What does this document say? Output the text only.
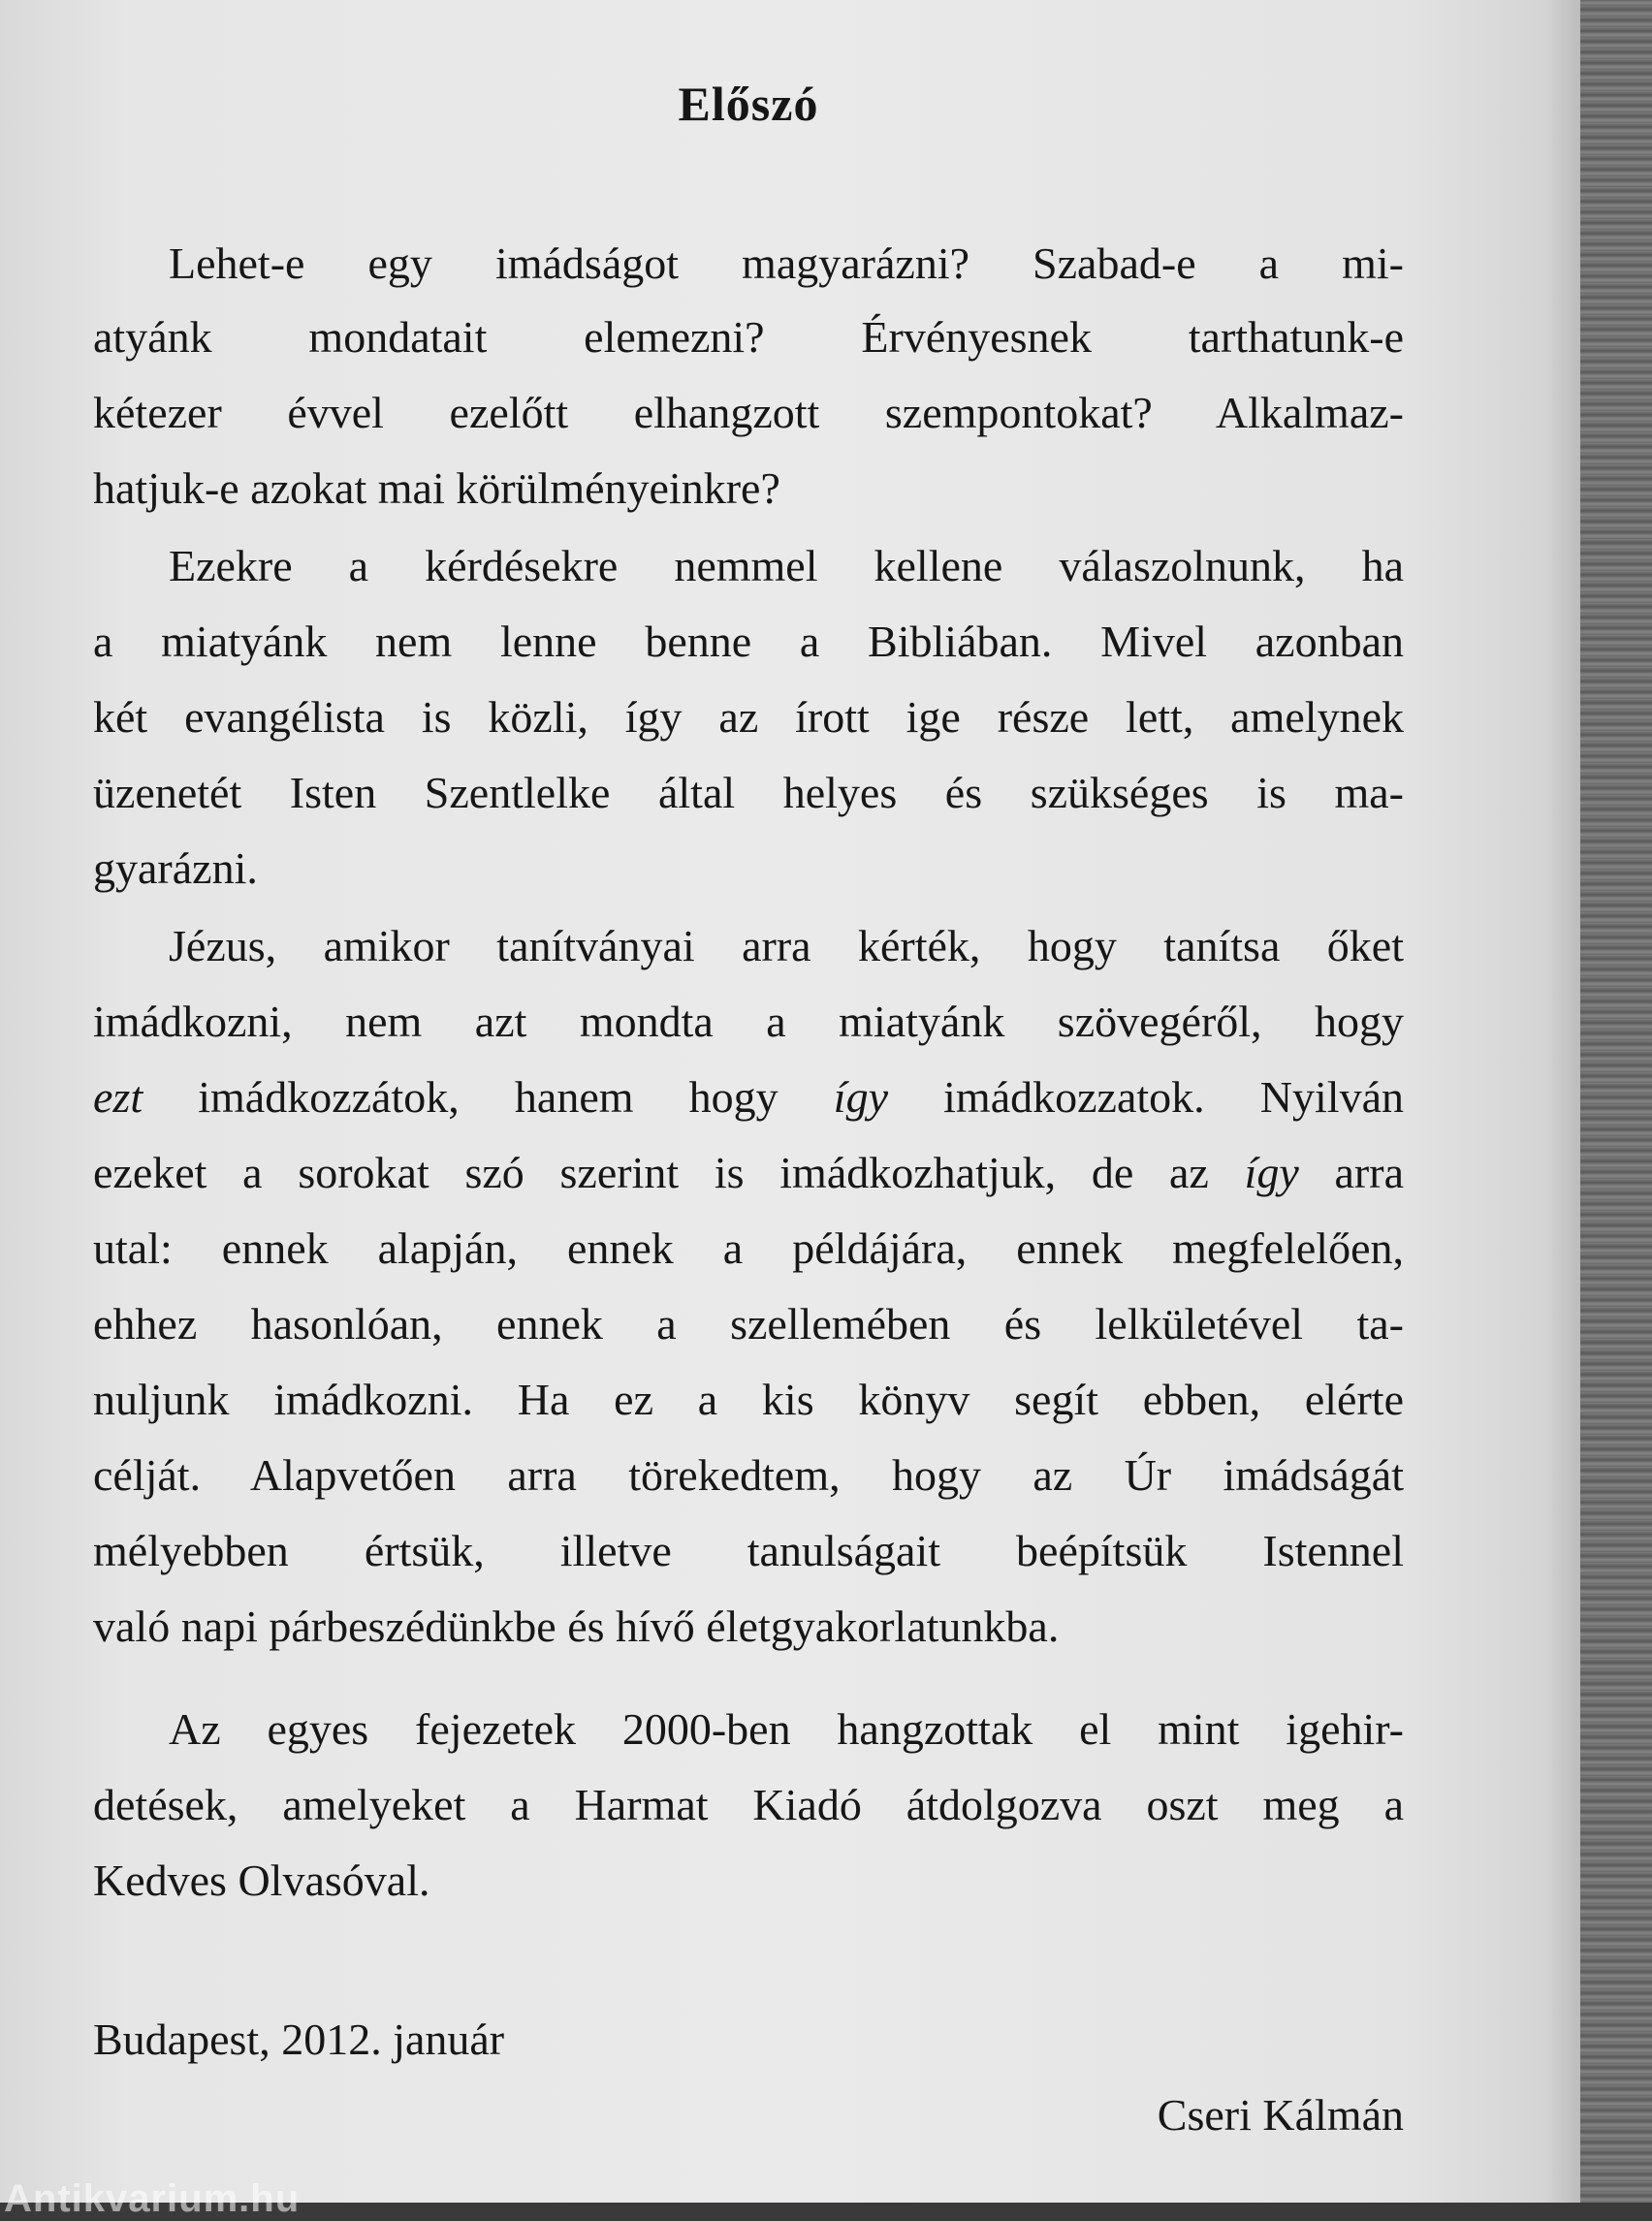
Előszó

Lehet-e egy imádságot magyarázni? Szabad-e a mi-

atyánk mondatait elemezni? Érvényesnek tarthatunk-e

kétezer évvel ezelőtt elhangzott szempontokat? Alkalmaz-

hatjuk-e azokat mai körülményeinkre?

Ezekre a kérdésekre nemmel kellene válaszolnunk, ha

a miatyánk nem lenne benne a Bibliában. Mivel azonban

két evangélista is közli, így az írott ige része lett, amelynek

üzenetét Isten Szentlelke által helyes és szükséges is ma-

gyarázni.

Jézus, amikor tanítványai arra kérték, hogy tanítsa őket

imádkozni, nem azt mondta a miatyánk szövegéről, hogy

ezt imádkozzátok, hanem hogy így imádkozzatok. Nyilván

ezeket a sorokat szó szerint is imádkozhatjuk, de az így arra

utal: ennek alapján, ennek a példájára, ennek megfelelően,

ehhez hasonlóan, ennek a szellemében és lelkületével ta-

nuljunk imádkozni. Ha ez a kis könyv segít ebben, elérte

célját. Alapvetően arra törekedtem, hogy az Úr imádságát

mélyebben értsük, illetve tanulságait beépítsük Istennel

való napi párbeszédünkbe és hívő életgyakorlatunkba.

Az egyes fejezetek 2000-ben hangzottak el mint igehir-

detések, amelyeket a Harmat Kiadó átdolgozva oszt meg a

Kedves Olvasóval.

Budapest, 2012. január

Cseri Kálmán

Antikvarium.hu
